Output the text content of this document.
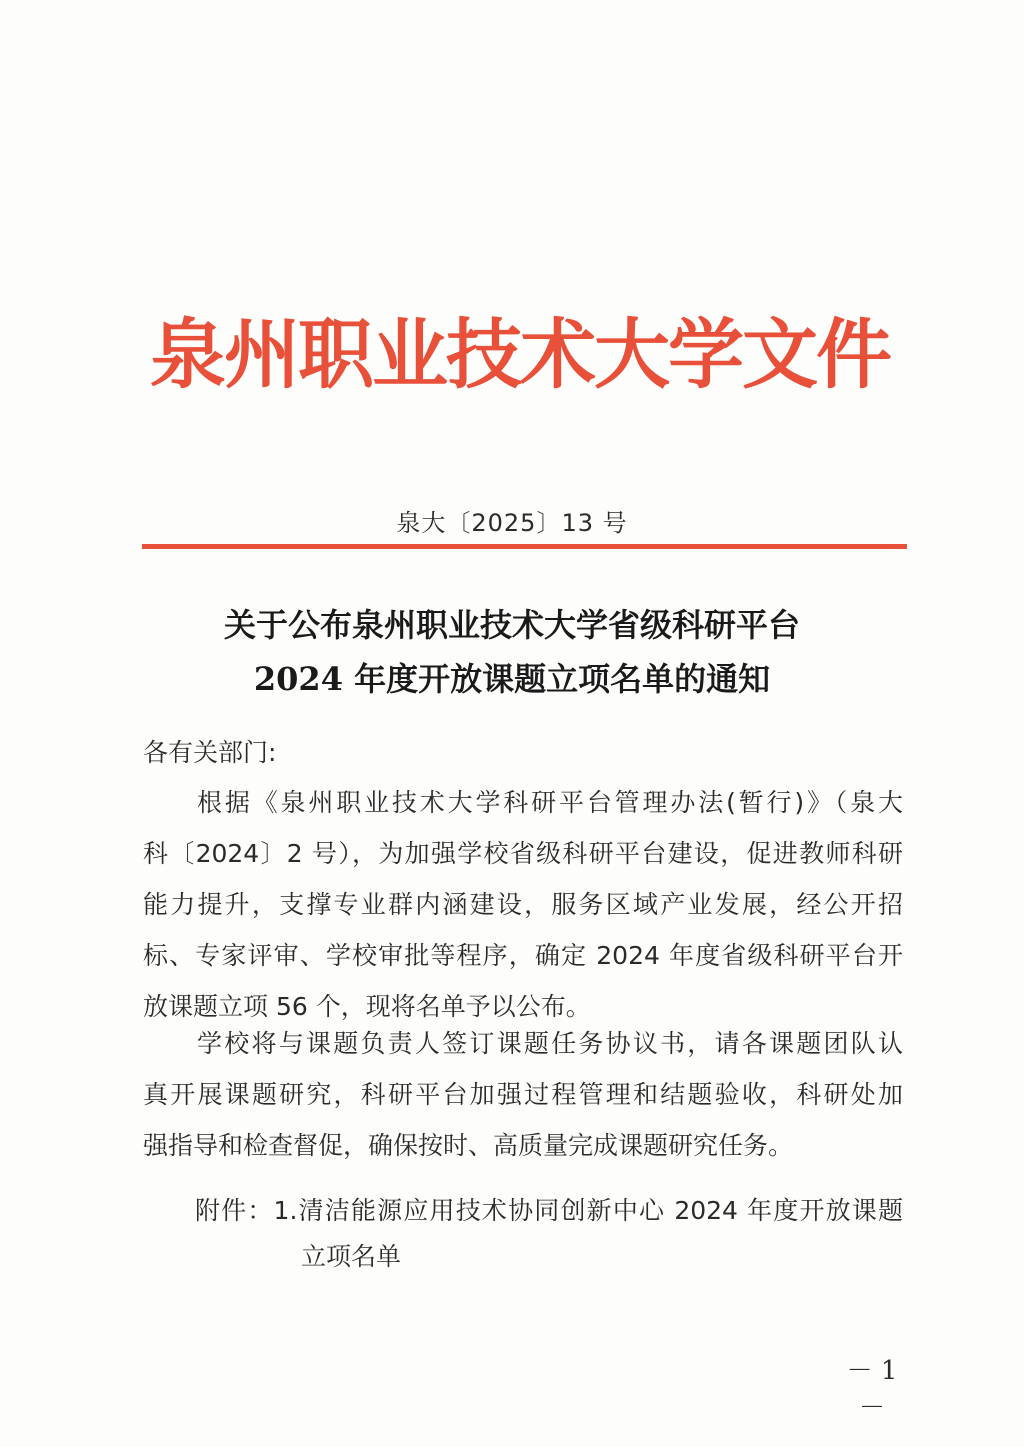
泉州职业技术大学文件
泉大〔2025〕13 号
关于公布泉州职业技术大学省级科研平台
2024 年度开放课题立项名单的通知
各有关部门:
根据《泉州职业技术大学科研平台管理办法(暂行)》（泉大
科〔2024〕2 号），为加强学校省级科研平台建设，促进教师科研
能力提升，支撑专业群内涵建设，服务区域产业发展，经公开招
标、专家评审、学校审批等程序，确定 2024 年度省级科研平台开
放课题立项 56 个，现将名单予以公布。
学校将与课题负责人签订课题任务协议书，请各课题团队认
真开展课题研究，科研平台加强过程管理和结题验收，科研处加
强指导和检查督促，确保按时、高质量完成课题研究任务。
附件：1.清洁能源应用技术协同创新中心 2024 年度开放课题
立项名单
－ 1 －
